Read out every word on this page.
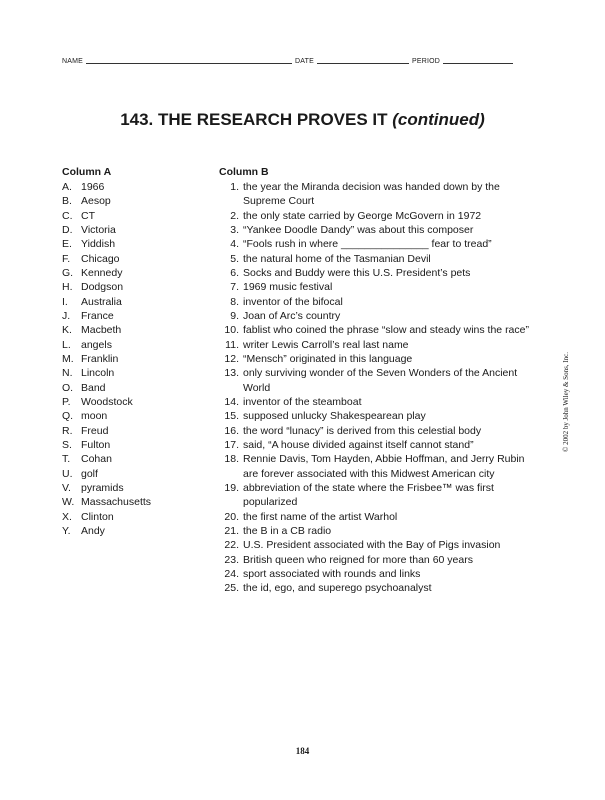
NAME	DATE	PERIOD
143. THE RESEARCH PROVES IT (continued)
Column A
A. 1966
B. Aesop
C. CT
D. Victoria
E. Yiddish
F.	Chicago
G. Kennedy
H. Dodgson
I.	Australia
J.	France
K. Macbeth
L. angels
M. Franklin
N. Lincoln
O. Band
P. Woodstock
Q. moon
R. Freud
S. Fulton
T.	Cohan
U. golf
V. pyramids
W. Massachusetts
X. Clinton
Y. Andy
Column B
1. the year the Miranda decision was handed down by the Supreme Court
2. the only state carried by George McGovern in 1972
3. “Yankee Doodle Dandy” was about this composer
4. “Fools rush in where _______________ fear to tread”
5. the natural home of the Tasmanian Devil
6. Socks and Buddy were this U.S. President’s pets
7. 1969 music festival
8. inventor of the bifocal
9. Joan of Arc’s country
10. fablist who coined the phrase “slow and steady wins the race”
11. writer Lewis Carroll’s real last name
12. “Mensch” originated in this language
13. only surviving wonder of the Seven Wonders of the Ancient World
14. inventor of the steamboat
15. supposed unlucky Shakespearean play
16. the word “lunacy” is derived from this celestial body
17. said, “A house divided against itself cannot stand”
18. Rennie Davis, Tom Hayden, Abbie Hoffman, and Jerry Rubin are forever associated with this Midwest American city
19. abbreviation of the state where the Frisbee™ was first popularized
20. the first name of the artist Warhol
21. the B in a CB radio
22. U.S. President associated with the Bay of Pigs invasion
23. British queen who reigned for more than 60 years
24. sport associated with rounds and links
25. the id, ego, and superego psychoanalyst
© 2002 by John Wiley & Sons, Inc.
184
